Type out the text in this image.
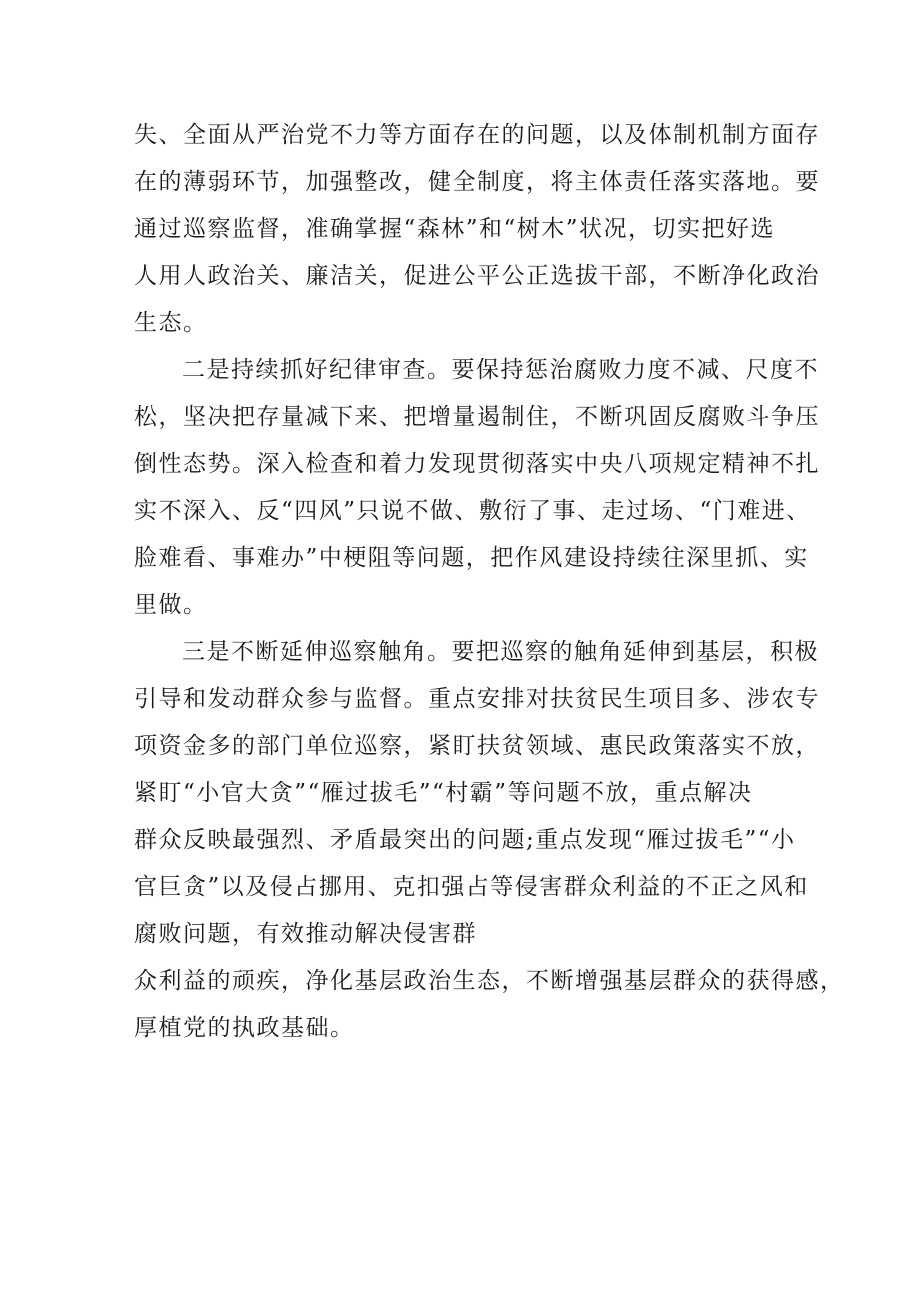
失、全面从严治党不力等方面存在的问题，以及体制机制方面存
在的薄弱环节，加强整改，健全制度，将主体责任落实落地。要
通过巡察监督，准确掌握“森林”和“树木”状况，切实把好选
人用人政治关、廉洁关，促进公平公正选拔干部，不断净化政治
生态。
二是持续抓好纪律审查。要保持惩治腐败力度不减、尺度不
松，坚决把存量减下来、把增量遏制住，不断巩固反腐败斗争压
倒性态势。深入检查和着力发现贯彻落实中央八项规定精神不扎
实不深入、反“四风”只说不做、敷衍了事、走过场、“门难进、
脸难看、事难办”中梗阻等问题，把作风建设持续往深里抓、实
里做。
三是不断延伸巡察触角。要把巡察的触角延伸到基层，积极
引导和发动群众参与监督。重点安排对扶贫民生项目多、涉农专
项资金多的部门单位巡察，紧盯扶贫领域、惠民政策落实不放，
紧盯“小官大贪”“雁过拔毛”“村霸”等问题不放，重点解决
群众反映最强烈、矛盾最突出的问题;重点发现“雁过拔毛”“小
官巨贪”以及侵占挪用、克扣强占等侵害群众利益的不正之风和
腐败问题，有效推动解决侵害群
众利益的顽疾，净化基层政治生态，不断增强基层群众的获得感，
厚植党的执政基础。
